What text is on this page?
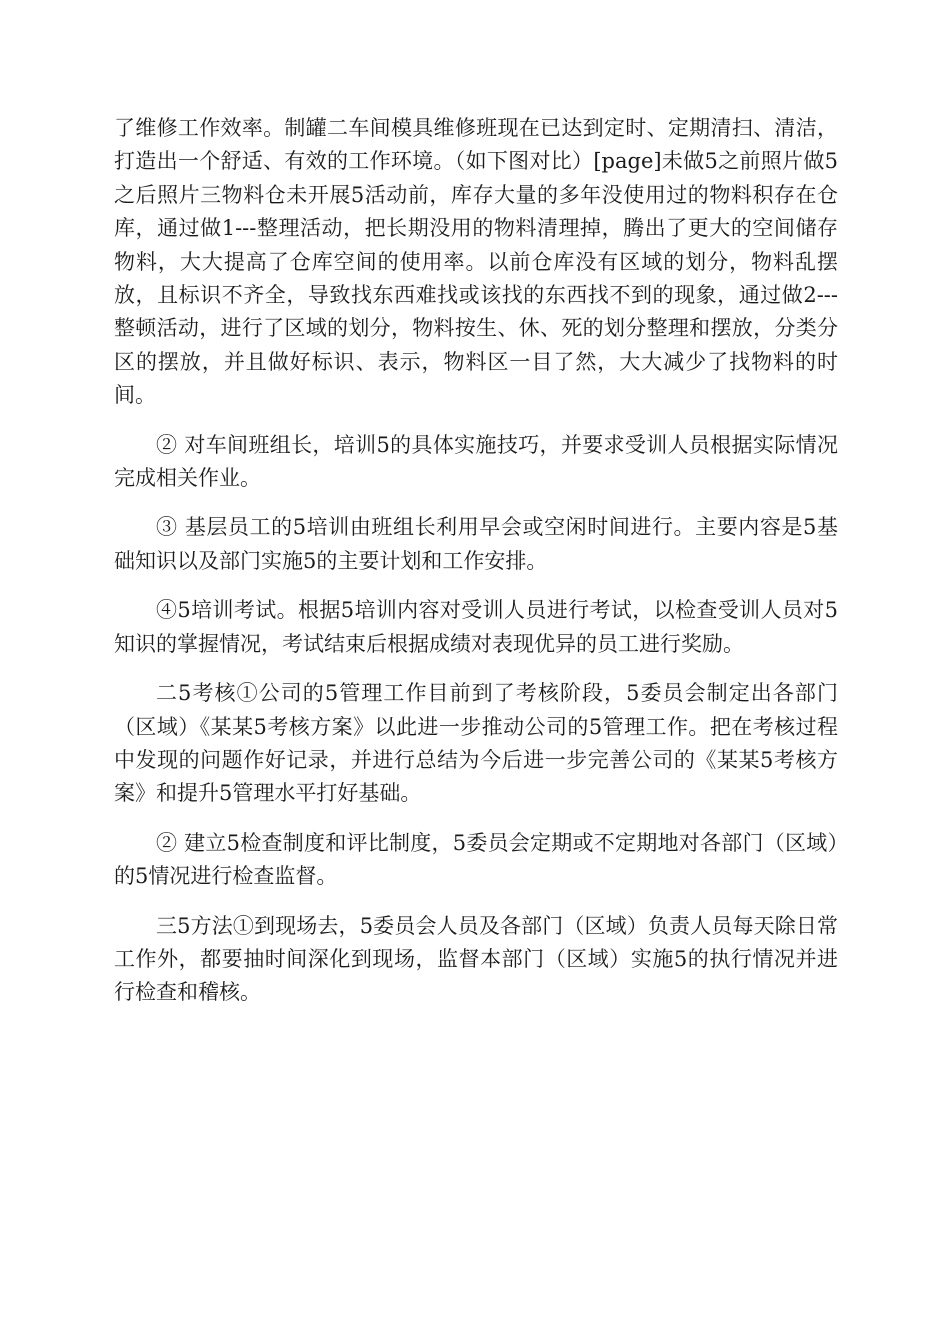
了维修工作效率。制罐二车间模具维修班现在已达到定时、定期清扫、清洁，打造出一个舒适、有效的工作环境。（如下图对比）[page]未做5之前照片做5之后照片三物料仓未开展5活动前，库存大量的多年没使用过的物料积存在仓库，通过做1---整理活动，把长期没用的物料清理掉，腾出了更大的空间储存物料，大大提高了仓库空间的使用率。以前仓库没有区域的划分，物料乱摆放，且标识不齐全，导致找东西难找或该找的东西找不到的现象，通过做2---整顿活动，进行了区域的划分，物料按生、休、死的划分整理和摆放，分类分区的摆放，并且做好标识、表示，物料区一目了然，大大减少了找物料的时间。

② 对车间班组长，培训5的具体实施技巧，并要求受训人员根据实际情况完成相关作业。

③ 基层员工的5培训由班组长利用早会或空闲时间进行。主要内容是5基础知识以及部门实施5的主要计划和工作安排。

④5培训考试。根据5培训内容对受训人员进行考试，以检查受训人员对5知识的掌握情况，考试结束后根据成绩对表现优异的员工进行奖励。

二5考核①公司的5管理工作目前到了考核阶段，5委员会制定出各部门（区域）《某某5考核方案》以此进一步推动公司的5管理工作。把在考核过程中发现的问题作好记录，并进行总结为今后进一步完善公司的《某某5考核方案》和提升5管理水平打好基础。

② 建立5检查制度和评比制度，5委员会定期或不定期地对各部门（区域）的5情况进行检查监督。

三5方法①到现场去，5委员会人员及各部门（区域）负责人员每天除日常工作外，都要抽时间深化到现场，监督本部门（区域）实施5的执行情况并进行检查和稽核。
